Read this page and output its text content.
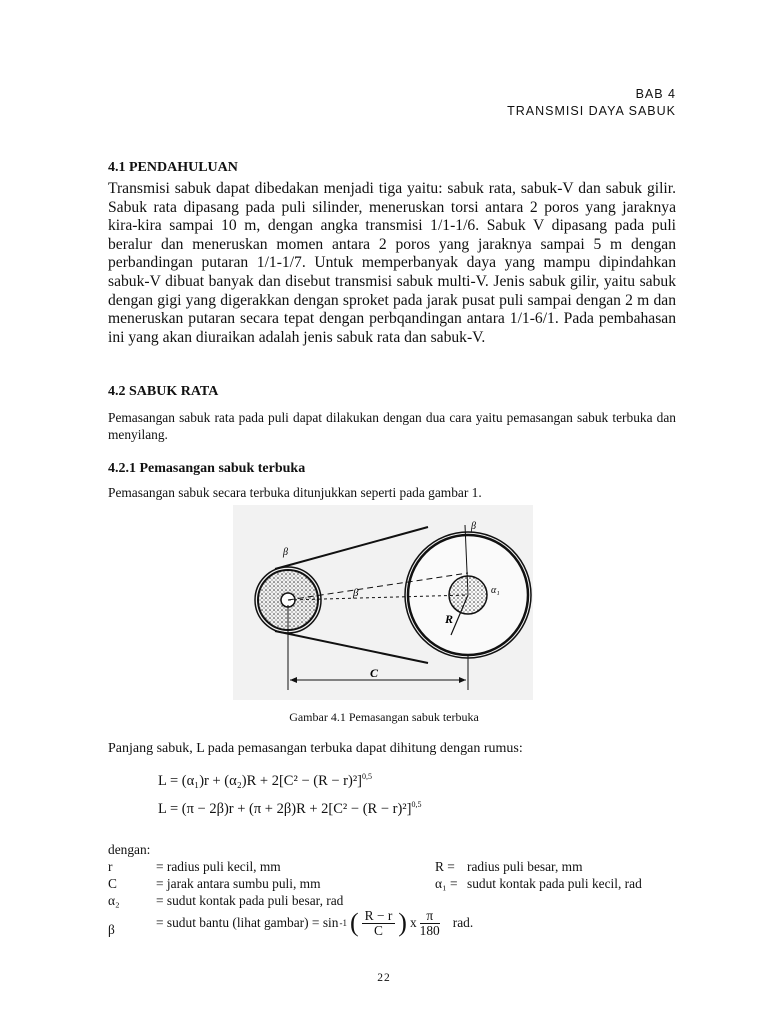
BAB 4
TRANSMISI DAYA SABUK
4.1 PENDAHULUAN
Transmisi sabuk dapat dibedakan menjadi tiga yaitu: sabuk rata, sabuk-V dan sabuk gilir. Sabuk rata dipasang pada puli silinder, meneruskan torsi antara 2 poros yang jaraknya kira-kira sampai 10 m, dengan angka transmisi 1/1-1/6. Sabuk V dipasang pada puli beralur dan meneruskan momen antara 2 poros yang jaraknya sampai 5 m dengan perbandingan putaran 1/1-1/7. Untuk memperbanyak daya yang mampu dipindahkan sabuk-V dibuat banyak dan disebut transmisi sabuk multi-V. Jenis sabuk gilir, yaitu sabuk dengan gigi yang digerakkan dengan sproket pada jarak pusat puli sampai dengan 2 m dan meneruskan putaran secara tepat dengan perbqandingan antara 1/1-6/1. Pada pembahasan ini yang akan diuraikan adalah jenis sabuk rata dan sabuk-V.
4.2 SABUK RATA
Pemasangan sabuk rata pada puli dapat dilakukan dengan dua cara yaitu pemasangan sabuk terbuka dan menyilang.
4.2.1 Pemasangan sabuk terbuka
Pemasangan sabuk secara terbuka ditunjukkan seperti pada gambar 1.
β
β
β
R
α₁
C
Gambar 4.1 Pemasangan sabuk terbuka
Panjang sabuk, L pada pemasangan terbuka dapat dihitung dengan rumus:
$L = (\alpha_1)r + (\alpha_2)R + 2[C^2 - (R - r)^2]^{0,5}$
$L = (\pi - 2\beta)r + (\pi + 2\beta)R + 2[C^2 - (R - r)^2]^{0,5}$
dengan:
r	= radius puli kecil, mm	R = radius puli besar, mm
C	= jarak antara sumbu puli, mm	α₁ = sudut kontak pada puli kecil, rad
α₂	= sudut kontak pada puli besar, rad
β	= sudut bantu (lihat gambar) = sin -1 ( $\frac{R - r}{C}$ ) x $\frac{\pi}{180}$ rad.
22
